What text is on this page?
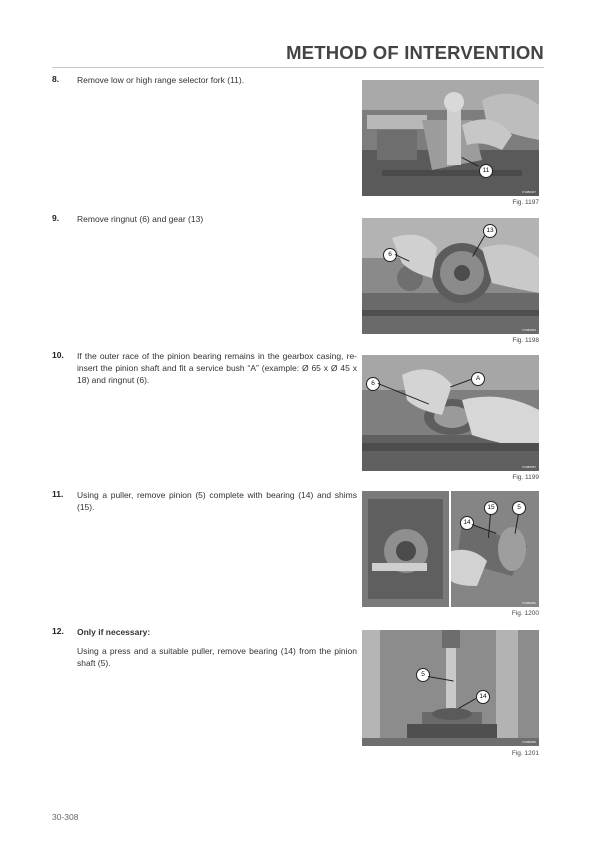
METHOD OF INTERVENTION
8. Remove low or high range selector fork (11).

P1080047
11
Fig. 1197
9. Remove ringnut (6) and gear (13)

P1080053
13
6
Fig. 1198
10. If the outer race of the pinion bearing remains in the gearbox casing, re-insert the pinion shaft and fit a service bush “A” (example: Ø 65 x Ø 45 x 18) and ringnut (6).

P1080057
6
A
Fig. 1199
11. Using a puller, remove pinion (5) complete with bearing (14) and shims (15).

P1080060
14
15	5
Fig. 1200
12. Only if necessary:

Using a press and a suitable puller, remove bearing (14) from the pinion shaft (5).

P1080065
5
14
Fig. 1201
30-308
